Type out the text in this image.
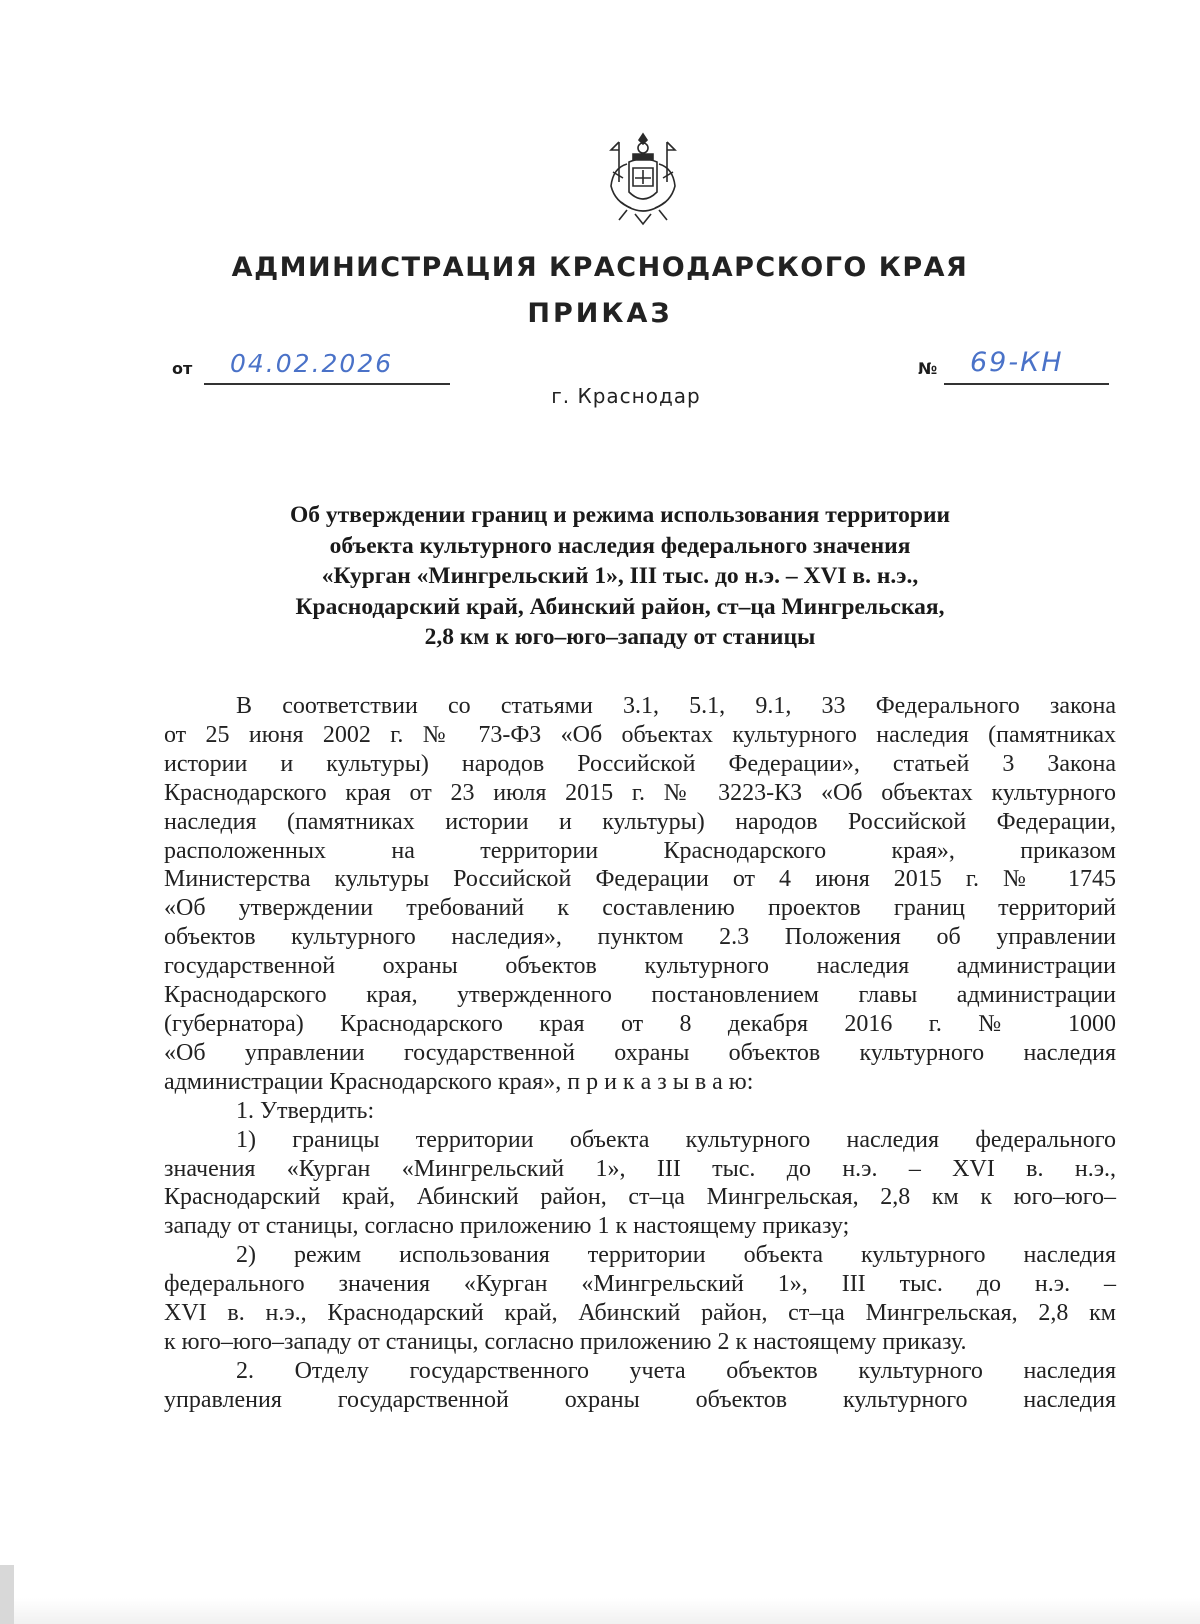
АДМИНИСТРАЦИЯ КРАСНОДАРСКОГО КРАЯ
ПРИКАЗ
от 04.02.2026	№ 69-КН
г. Краснодар
Об утверждении границ и режима использования территории
объекта культурного наследия федерального значения
«Курган «Мингрельский 1», III тыс. до н.э. – XVI в. н.э.,
Краснодарский край, Абинский район, ст–ца Мингрельская,
2,8 км к юго–юго–западу от станицы
В соответствии со статьями 3.1, 5.1, 9.1, 33 Федерального закона
от 25 июня 2002 г. № 73-ФЗ «Об объектах культурного наследия (памятниках
истории и культуры) народов Российской Федерации», статьей 3 Закона
Краснодарского края от 23 июля 2015 г. № 3223-КЗ «Об объектах культурного
наследия (памятниках истории и культуры) народов Российской Федерации,
расположенных	на	территории	Краснодарского	края»,	приказом
Министерства культуры Российской Федерации от 4 июня 2015 г. № 1745
«Об утверждении требований к составлению проектов границ территорий
объектов культурного наследия», пунктом 2.3 Положения об управлении
государственной охраны объектов культурного наследия администрации
Краснодарского края, утвержденного постановлением главы администрации
(губернатора) Краснодарского края от 8 декабря 2016 г. № 1000
«Об управлении государственной охраны объектов культурного наследия
администрации Краснодарского края», п р и к а з ы в а ю:
1. Утвердить:
1) границы территории объекта культурного наследия федерального
значения «Курган «Мингрельский 1», III тыс. до н.э. – XVI в. н.э.,
Краснодарский край, Абинский район, ст–ца Мингрельская, 2,8 км к юго–юго–
западу от станицы, согласно приложению 1 к настоящему приказу;
2) режим использования территории объекта культурного наследия
федерального значения «Курган «Мингрельский 1», III тыс. до н.э. –
XVI в. н.э., Краснодарский край, Абинский район, ст–ца Мингрельская, 2,8 км
к юго–юго–западу от станицы, согласно приложению 2 к настоящему приказу.
2. Отделу государственного учета объектов культурного наследия
управления государственной охраны объектов культурного наследия
